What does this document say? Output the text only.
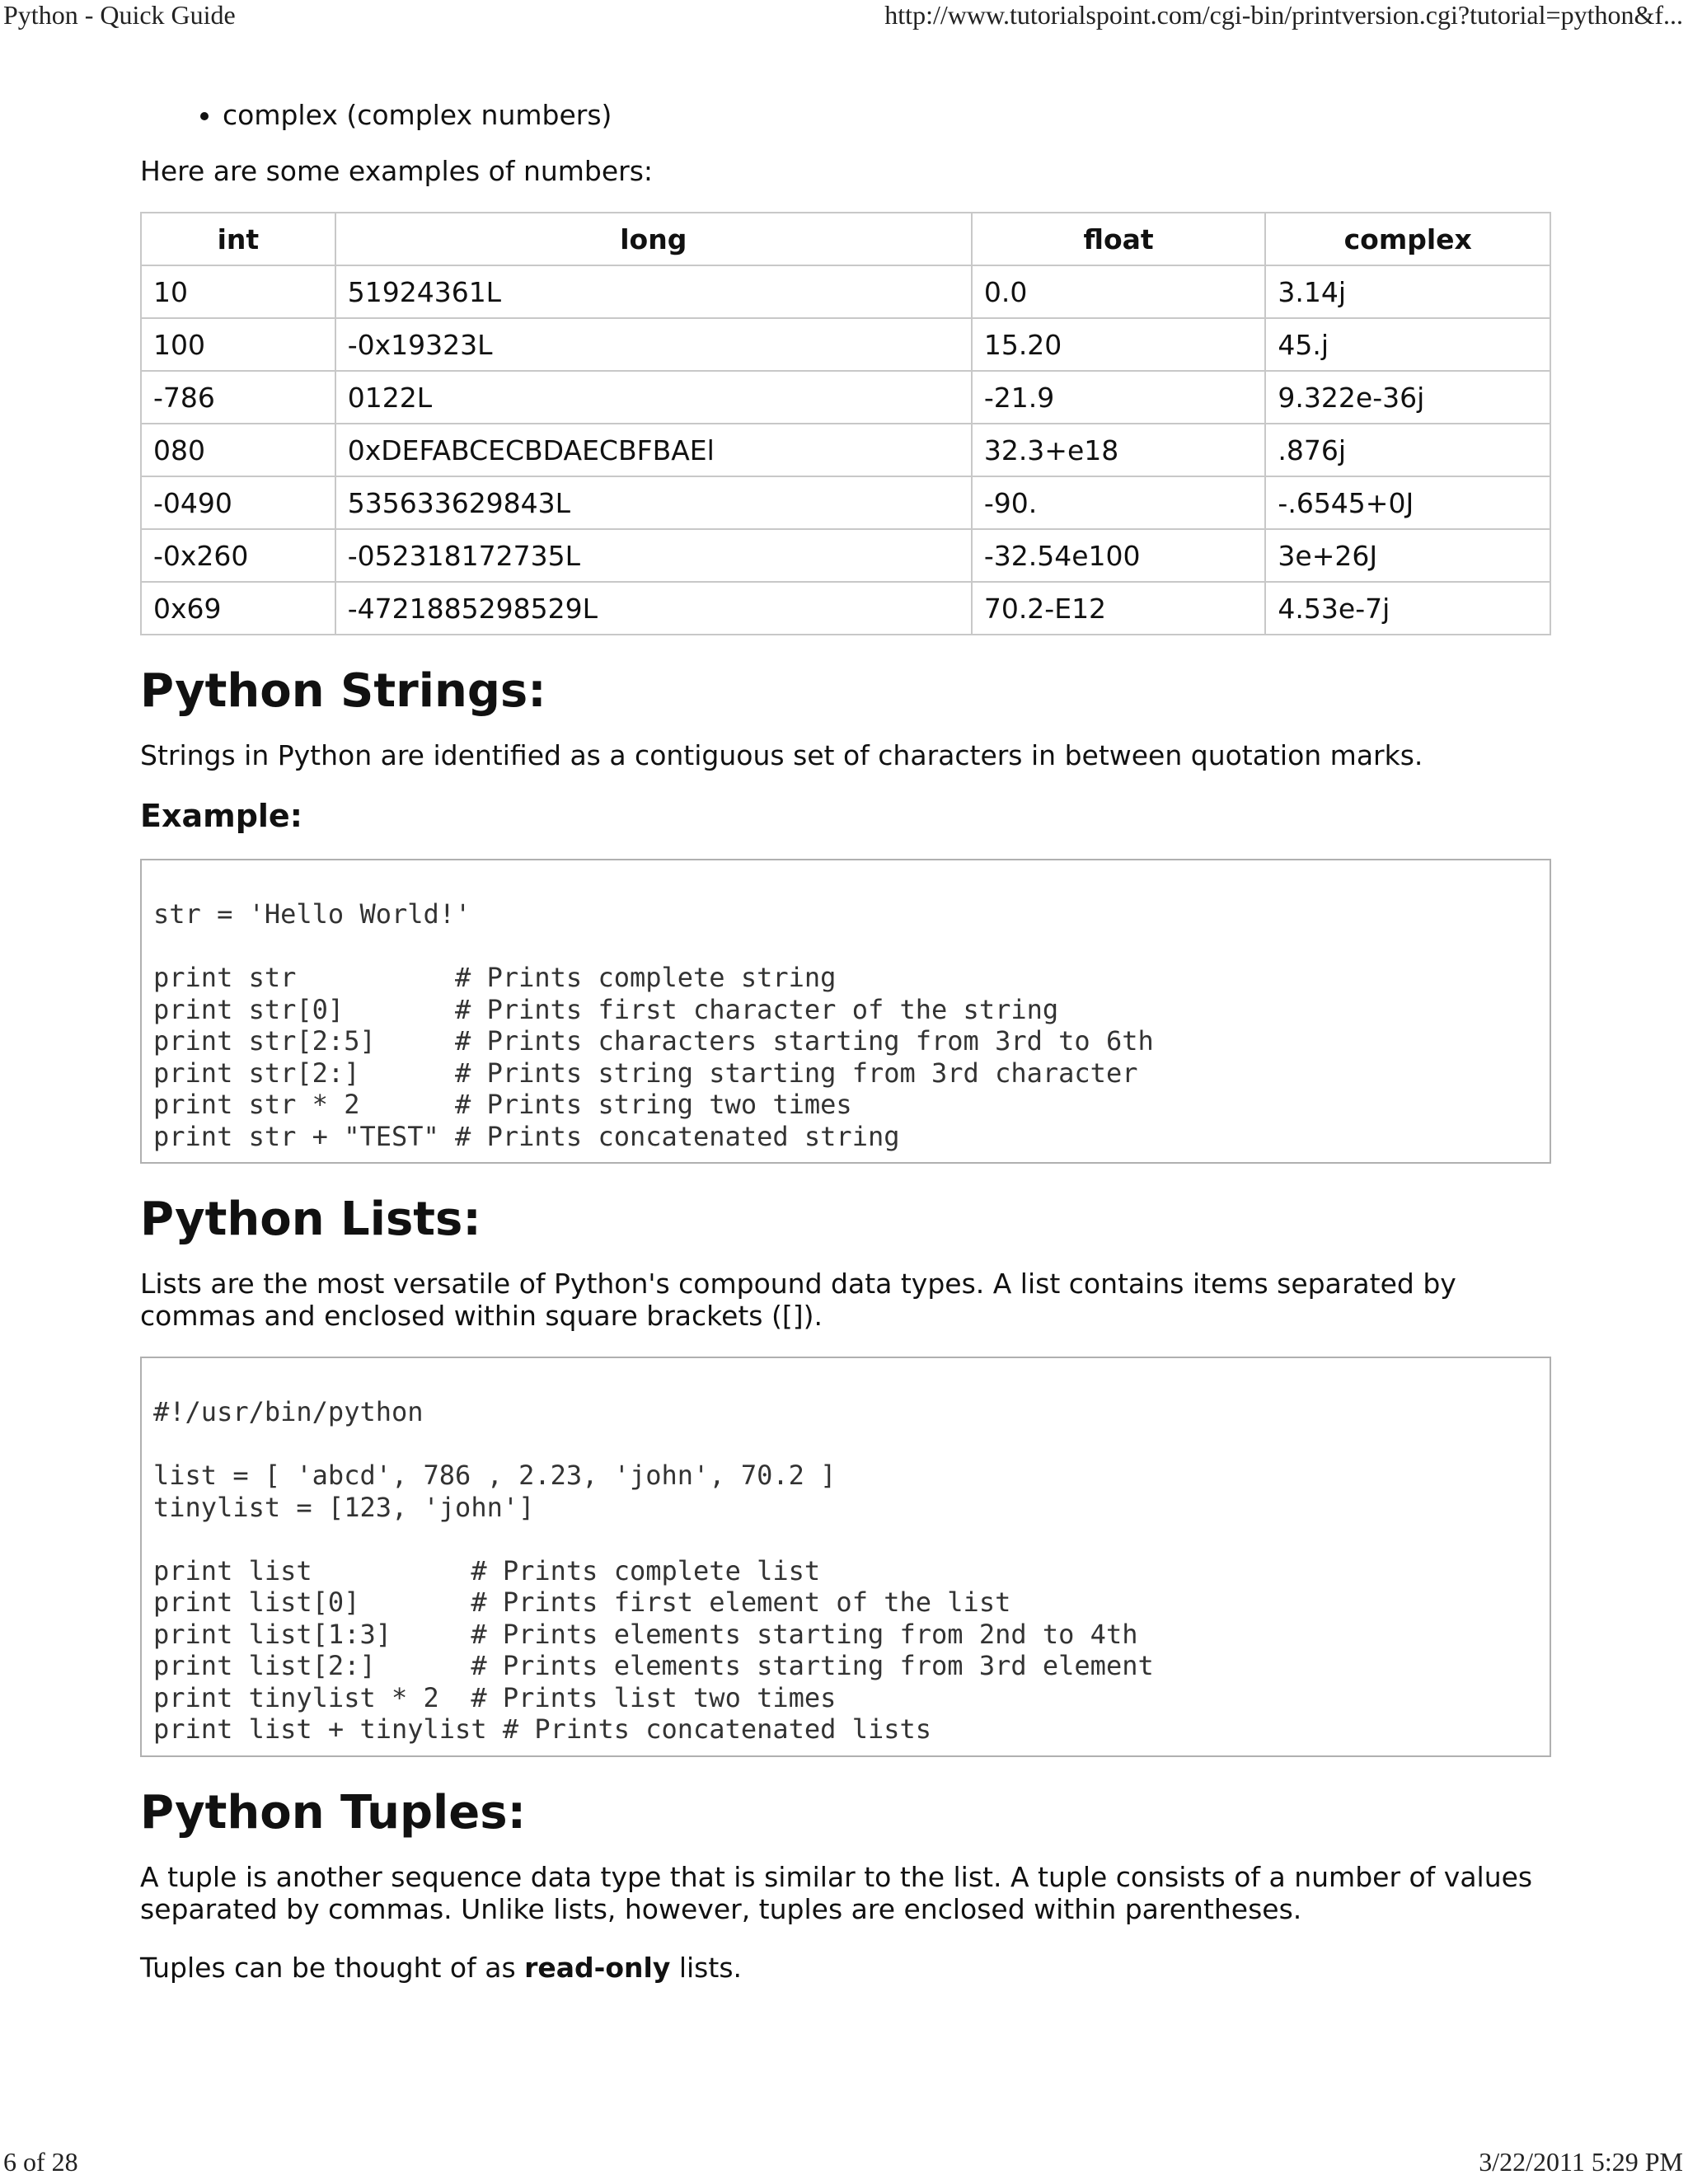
Python - Quick Guide	http://www.tutorialspoint.com/cgi-bin/printversion.cgi?tutorial=python&f...
• complex (complex numbers)

Here are some examples of numbers:

int	long	float	complex
10	51924361L	0.0	3.14j
100	-0x19323L	15.20	45.j
-786	0122L	-21.9	9.322e-36j
080	0xDEFABCECBDAECBFBAEl	32.3+e18	.876j
-0490	535633629843L	-90.	-.6545+0J
-0x260	-052318172735L	-32.54e100	3e+26J
0x69	-4721885298529L	70.2-E12	4.53e-7j
Python Strings:

Strings in Python are identified as a contiguous set of characters in between quotation marks.

Example:
str = 'Hello World!'

print str          # Prints complete string
print str[0]       # Prints first character of the string
print str[2:5]     # Prints characters starting from 3rd to 6th
print str[2:]      # Prints string starting from 3rd character
print str * 2      # Prints string two times
print str + "TEST" # Prints concatenated string
Python Lists:

Lists are the most versatile of Python's compound data types. A list contains items separated by commas and enclosed within square brackets ([]).

#!/usr/bin/python

list = [ 'abcd', 786 , 2.23, 'john', 70.2 ]
tinylist = [123, 'john']

print list          # Prints complete list
print list[0]       # Prints first element of the list
print list[1:3]     # Prints elements starting from 2nd to 4th
print list[2:]      # Prints elements starting from 3rd element
print tinylist * 2  # Prints list two times
print list + tinylist # Prints concatenated lists
Python Tuples:

A tuple is another sequence data type that is similar to the list. A tuple consists of a number of values separated by commas. Unlike lists, however, tuples are enclosed within parentheses.

Tuples can be thought of as read-only lists.

6 of 28	3/22/2011 5:29 PM
